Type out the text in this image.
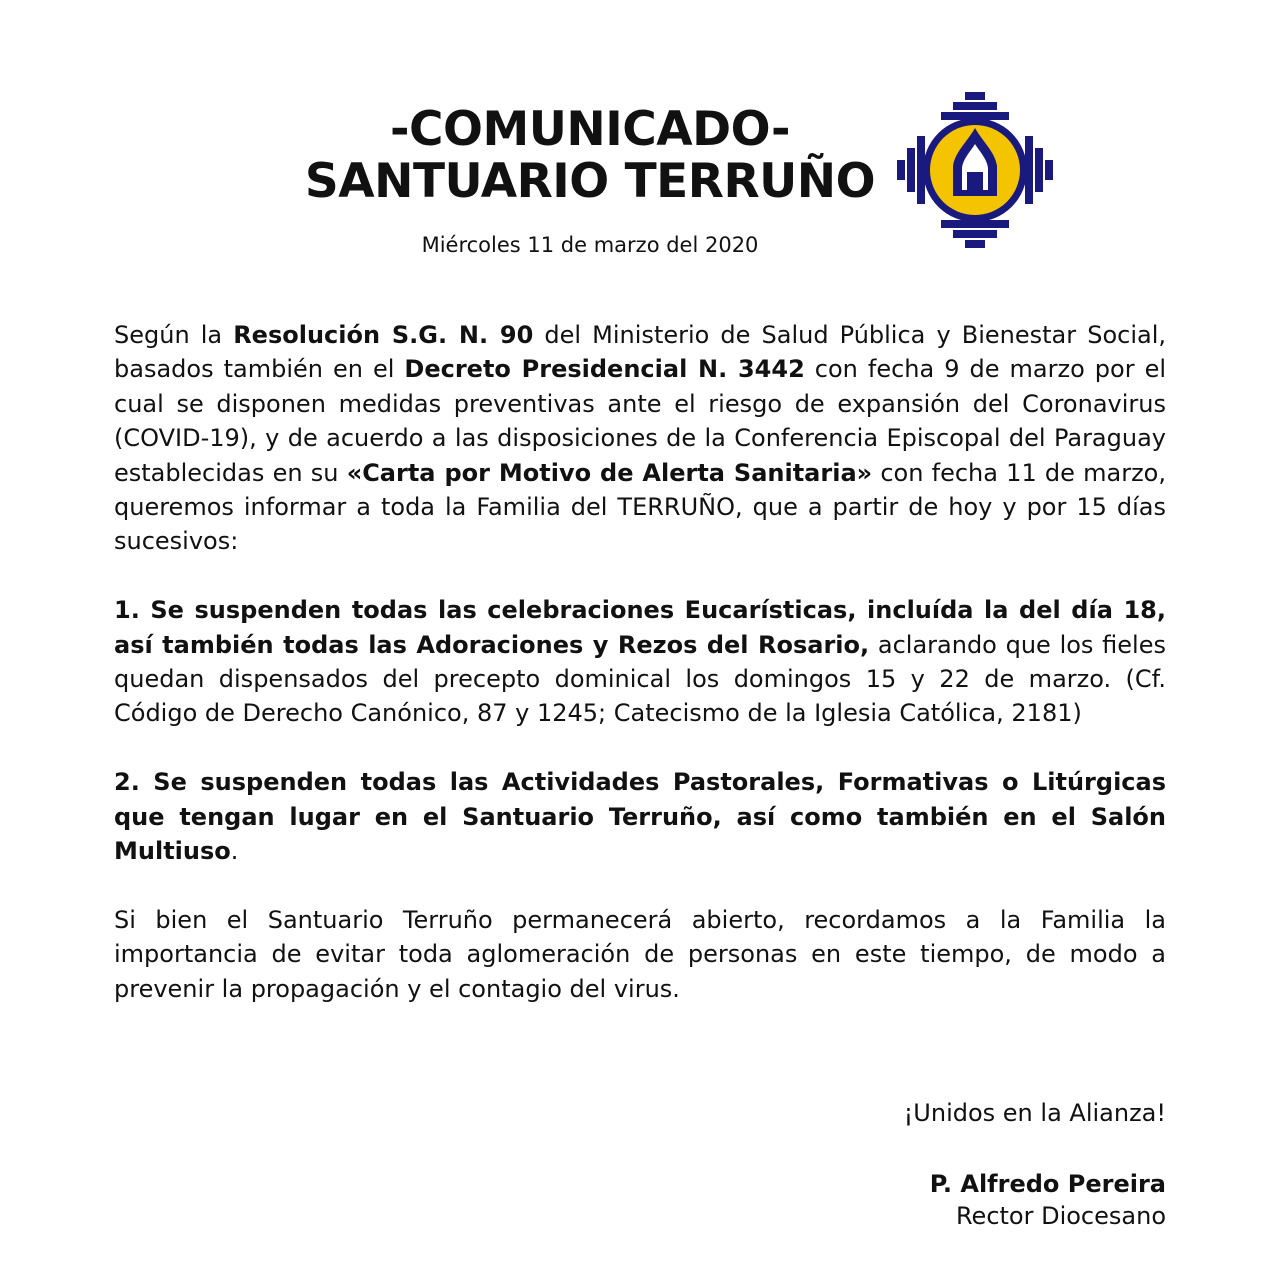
-COMUNICADO-
SANTUARIO TERRUÑO
Miércoles 11 de marzo del 2020

Según la Resolución S.G. N. 90 del Ministerio de Salud Pública y Bienestar Social, basados también en el Decreto Presidencial N. 3442 con fecha 9 de marzo por el cual se disponen medidas preventivas ante el riesgo de expansión del Coronavirus (COVID-19), y de acuerdo a las disposiciones de la Conferencia Episcopal del Paraguay establecidas en su «Carta por Motivo de Alerta Sanitaria» con fecha 11 de marzo, queremos informar a toda la Familia del TERRUÑO, que a partir de hoy y por 15 días sucesivos:

1. Se suspenden todas las celebraciones Eucarísticas, incluída la del día 18, así también todas las Adoraciones y Rezos del Rosario, aclarando que los fieles quedan dispensados del precepto dominical los domingos 15 y 22 de marzo. (Cf. Código de Derecho Canónico, 87 y 1245; Catecismo de la Iglesia Católica, 2181)

2. Se suspenden todas las Actividades Pastorales, Formativas o Litúrgicas que tengan lugar en el Santuario Terruño, así como también en el Salón Multiuso.

Si bien el Santuario Terruño permanecerá abierto, recordamos a la Familia la importancia de evitar toda aglomeración de personas en este tiempo, de modo a prevenir la propagación y el contagio del virus.

¡Unidos en la Alianza!
P. Alfredo Pereira
Rector Diocesano
